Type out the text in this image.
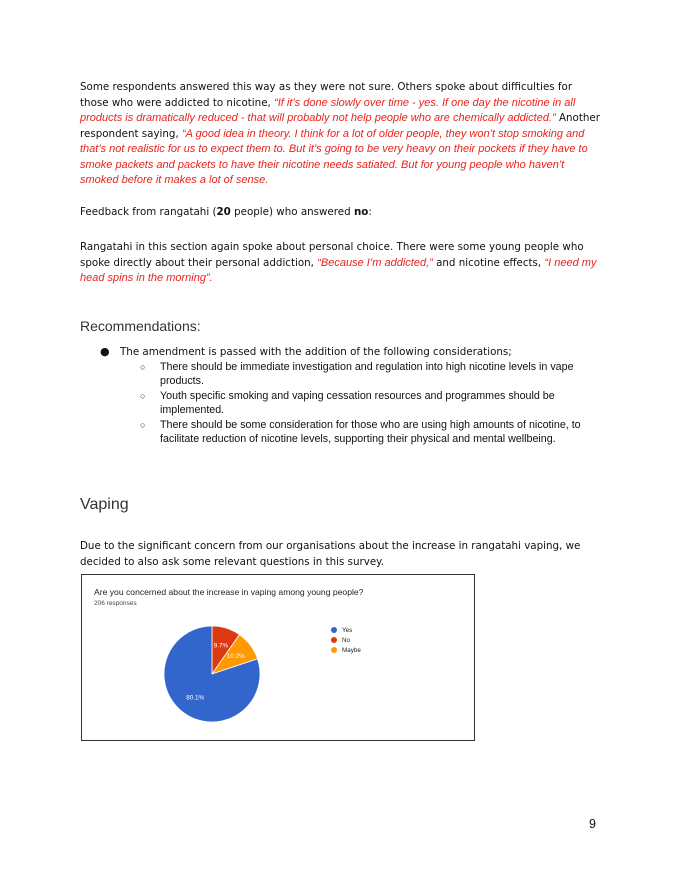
Some respondents answered this way as they were not sure. Others spoke about difficulties for those who were addicted to nicotine, “If it’s done slowly over time - yes. If one day the nicotine in all products is dramatically reduced - that will probably not help people who are chemically addicted.” Another respondent saying, “A good idea in theory. I think for a lot of older people, they won’t stop smoking and that’s not realistic for us to expect them to. But it’s going to be very heavy on their pockets if they have to smoke packets and packets to have their nicotine needs satiated. But for young people who haven’t smoked before it makes a lot of sense.
Feedback from rangatahi (20 people) who answered no:
Rangatahi in this section again spoke about personal choice. There were some young people who spoke directly about their personal addiction, “Because I’m addicted,” and nicotine effects, “I need my head spins in the morning”.
Recommendations:
● The amendment is passed with the addition of the following considerations;
○ There should be immediate investigation and regulation into high nicotine levels in vape products.
○ Youth specific smoking and vaping cessation resources and programmes should be implemented.
○ There should be some consideration for those who are using high amounts of nicotine, to facilitate reduction of nicotine levels, supporting their physical and mental wellbeing.
Vaping
Due to the significant concern from our organisations about the increase in rangatahi vaping, we decided to also ask some relevant questions in this survey.
Are you concerned about the increase in vaping among young people?
206 responses
9.7%
10.2%
80.1%
Yes
No
Maybe
9
